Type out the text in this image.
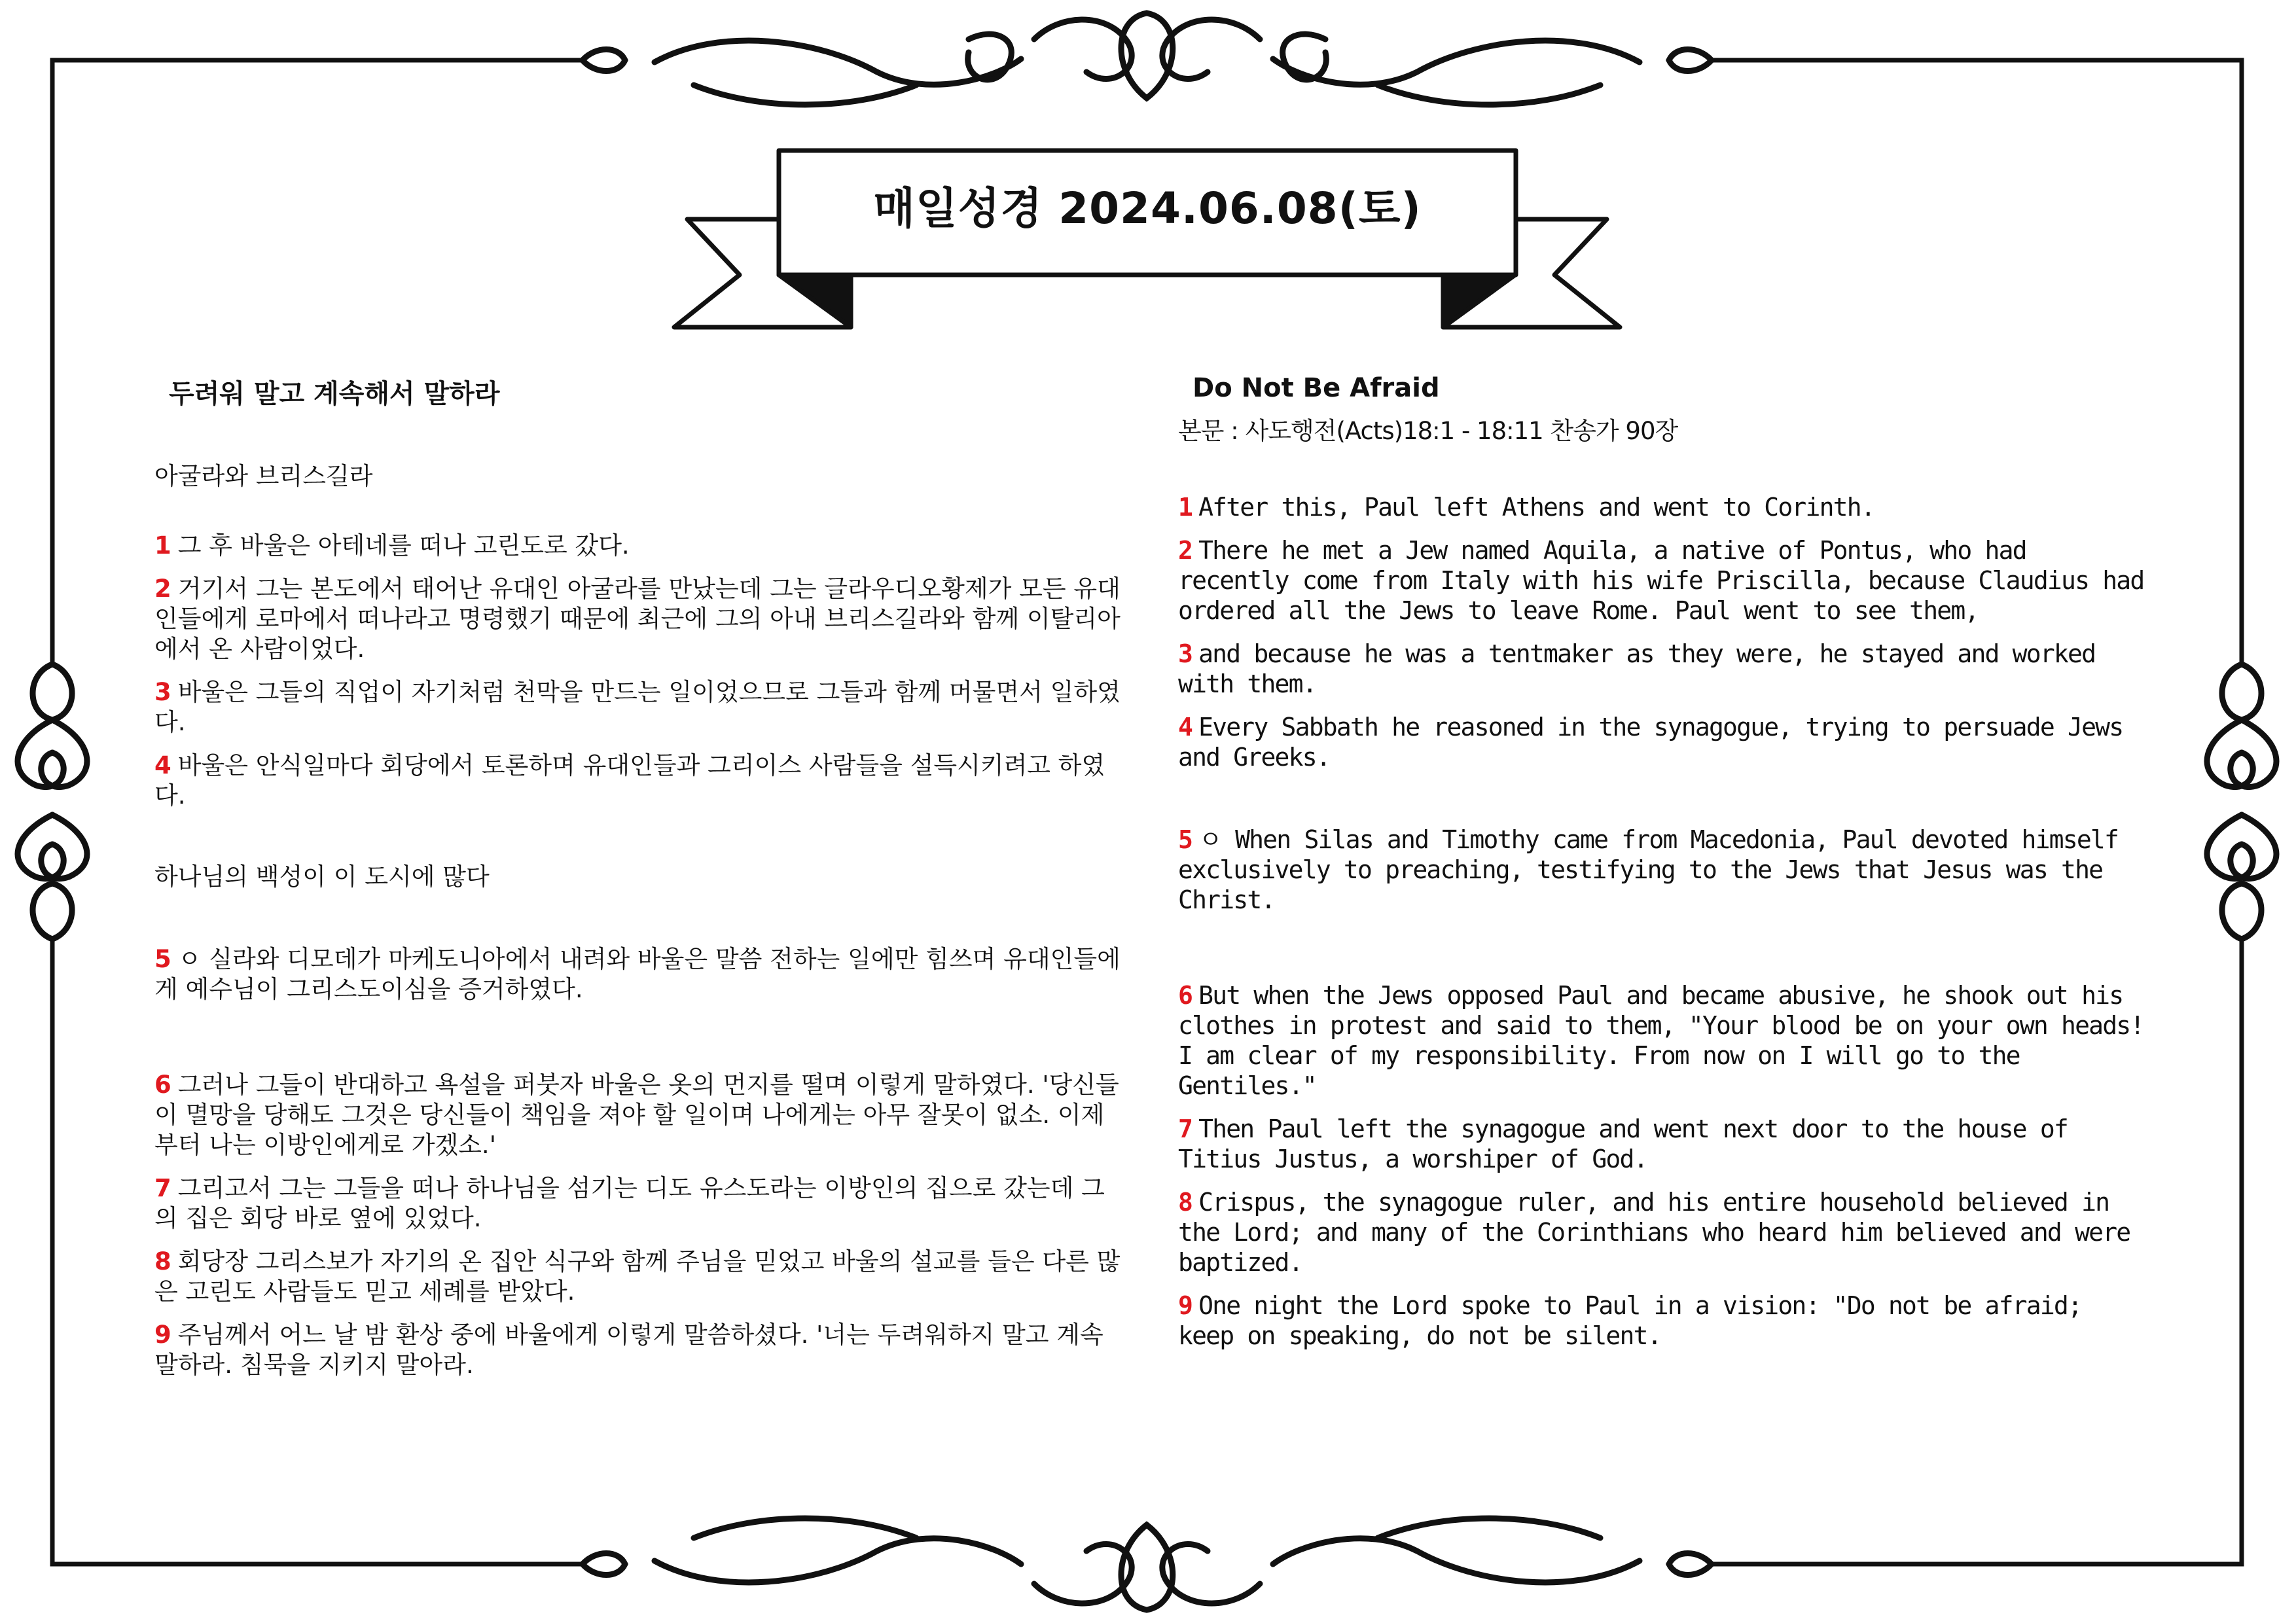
매일성경 2024.06.08(토)
두려워 말고 계속해서 말하라
아굴라와 브리스길라

1 그 후 바울은 아테네를 떠나 고린도로 갔다.

2 거기서 그는 본도에서 태어난 유대인 아굴라를 만났는데 그는 글라우디오황제가 모든 유대인들에게 로마에서 떠나라고 명령했기 때문에 최근에 그의 아내 브리스길라와 함께 이탈리아에서 온 사람이었다.

3 바울은 그들의 직업이 자기처럼 천막을 만드는 일이었으므로 그들과 함께 머물면서 일하였다.

4 바울은 안식일마다 회당에서 토론하며 유대인들과 그리이스 사람들을 설득시키려고 하였다.

하나님의 백성이 이 도시에 많다

5 ㅇ 실라와 디모데가 마케도니아에서 내려와 바울은 말씀 전하는 일에만 힘쓰며 유대인들에게 예수님이 그리스도이심을 증거하였다.

6 그러나 그들이 반대하고 욕설을 퍼붓자 바울은 옷의 먼지를 떨며 이렇게 말하였다. '당신들이 멸망을 당해도 그것은 당신들이 책임을 져야 할 일이며 나에게는 아무 잘못이 없소. 이제부터 나는 이방인에게로 가겠소.'

7 그리고서 그는 그들을 떠나 하나님을 섬기는 디도 유스도라는 이방인의 집으로 갔는데 그의 집은 회당 바로 옆에 있었다.

8 회당장 그리스보가 자기의 온 집안 식구와 함께 주님을 믿었고 바울의 설교를 들은 다른 많은 고린도 사람들도 믿고 세례를 받았다.

9 주님께서 어느 날 밤 환상 중에 바울에게 이렇게 말씀하셨다. '너는 두려워하지 말고 계속 말하라. 침묵을 지키지 말아라.

Do Not Be Afraid
본문 : 사도행전(Acts)18:1 - 18:11 찬송가 90장

1 After this, Paul left Athens and went to Corinth.

2 There he met a Jew named Aquila, a native of Pontus, who had recently come from Italy with his wife Priscilla, because Claudius had ordered all the Jews to leave Rome. Paul went to see them,

3 and because he was a tentmaker as they were, he stayed and worked with them.

4 Every Sabbath he reasoned in the synagogue, trying to persuade Jews and Greeks.

5 ㅇ When Silas and Timothy came from Macedonia, Paul devoted himself exclusively to preaching, testifying to the Jews that Jesus was the Christ.

6 But when the Jews opposed Paul and became abusive, he shook out his clothes in protest and said to them, "Your blood be on your own heads! I am clear of my responsibility. From now on I will go to the Gentiles."

7 Then Paul left the synagogue and went next door to the house of Titius Justus, a worshiper of God.

8 Crispus, the synagogue ruler, and his entire household believed in the Lord; and many of the Corinthians who heard him believed and were baptized.

9 One night the Lord spoke to Paul in a vision: "Do not be afraid; keep on speaking, do not be silent.
